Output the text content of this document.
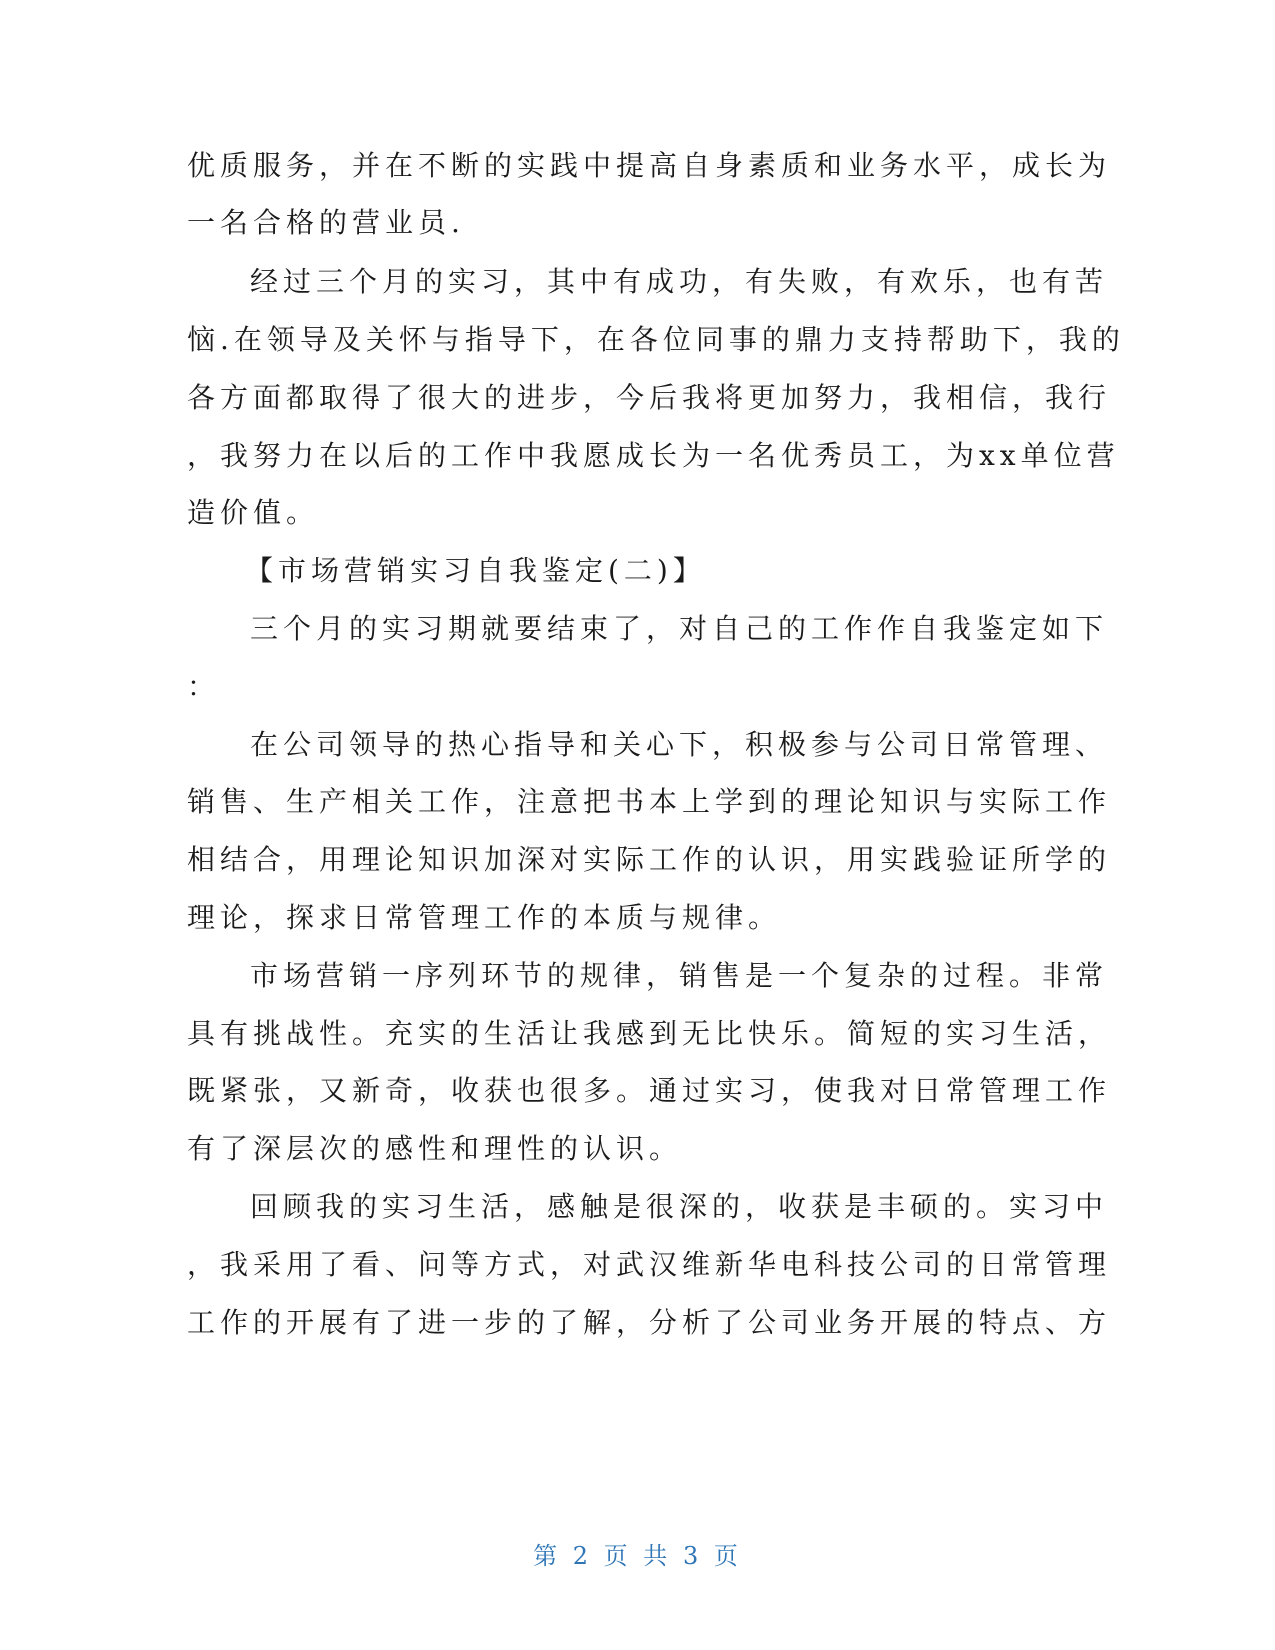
优质服务，并在不断的实践中提高自身素质和业务水平，成长为
一名合格的营业员.
经过三个月的实习，其中有成功，有失败，有欢乐，也有苦
恼.在领导及关怀与指导下，在各位同事的鼎力支持帮助下，我的
各方面都取得了很大的进步，今后我将更加努力，我相信，我行
，我努力在以后的工作中我愿成长为一名优秀员工，为xx单位营
造价值。
【市场营销实习自我鉴定(二)】
三个月的实习期就要结束了，对自己的工作作自我鉴定如下
：
在公司领导的热心指导和关心下，积极参与公司日常管理、
销售、生产相关工作，注意把书本上学到的理论知识与实际工作
相结合，用理论知识加深对实际工作的认识，用实践验证所学的
理论，探求日常管理工作的本质与规律。
市场营销一序列环节的规律，销售是一个复杂的过程。非常
具有挑战性。充实的生活让我感到无比快乐。简短的实习生活，
既紧张，又新奇，收获也很多。通过实习，使我对日常管理工作
有了深层次的感性和理性的认识。
回顾我的实习生活，感触是很深的，收获是丰硕的。实习中
，我采用了看、问等方式，对武汉维新华电科技公司的日常管理
工作的开展有了进一步的了解，分析了公司业务开展的特点、方
第 2 页 共 3 页
